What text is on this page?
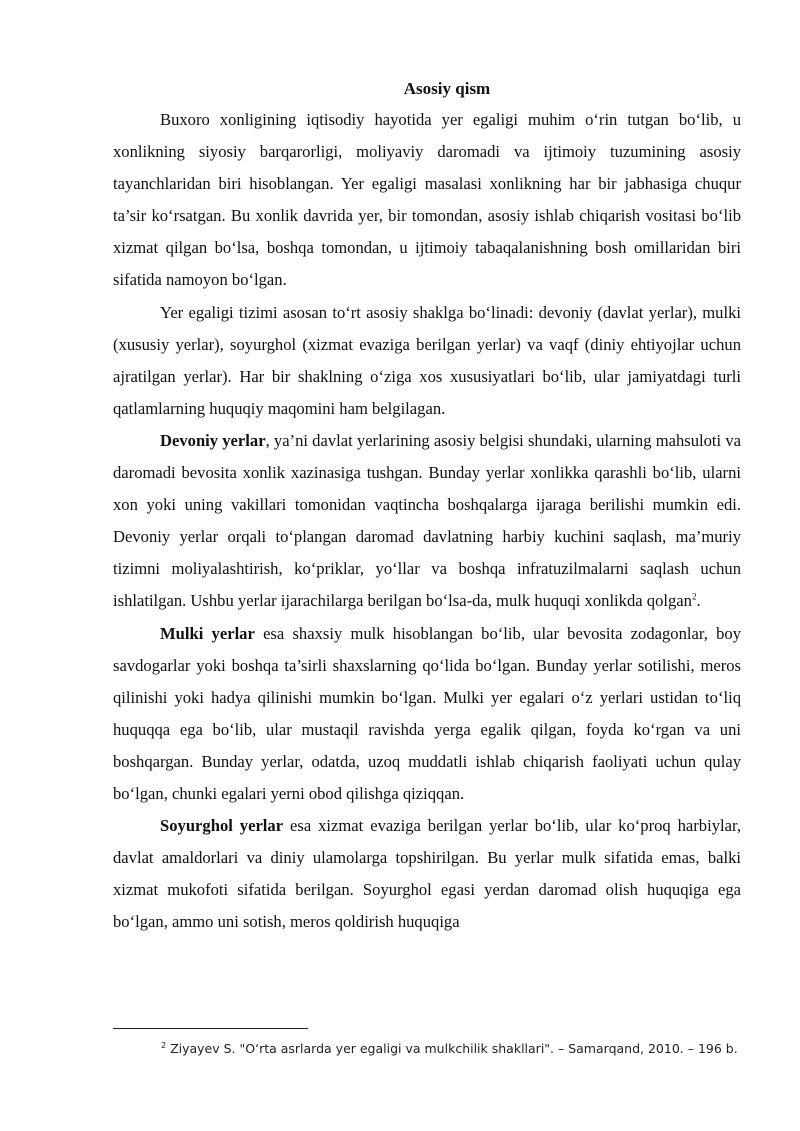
Asosiy qism

Buxoro xonligining iqtisodiy hayotida yer egaligi muhim o‘rin tutgan bo‘lib, u xonlikning siyosiy barqarorligi, moliyaviy daromadi va ijtimoiy tuzumining asosiy tayanchlaridan biri hisoblangan. Yer egaligi masalasi xonlikning har bir jabhasiga chuqur ta’sir ko‘rsatgan. Bu xonlik davrida yer, bir tomondan, asosiy ishlab chiqarish vositasi bo‘lib xizmat qilgan bo‘lsa, boshqa tomondan, u ijtimoiy tabaqalanishning bosh omillaridan biri sifatida namoyon bo‘lgan.

Yer egaligi tizimi asosan to‘rt asosiy shaklga bo‘linadi: devoniy (davlat yerlar), mulki (xususiy yerlar), soyurghol (xizmat evaziga berilgan yerlar) va vaqf (diniy ehtiyojlar uchun ajratilgan yerlar). Har bir shaklning o‘ziga xos xususiyatlari bo‘lib, ular jamiyatdagi turli qatlamlarning huquqiy maqomini ham belgilagan.

Devoniy yerlar, ya’ni davlat yerlarining asosiy belgisi shundaki, ularning mahsuloti va daromadi bevosita xonlik xazinasiga tushgan. Bunday yerlar xonlikka qarashli bo‘lib, ularni xon yoki uning vakillari tomonidan vaqtincha boshqalarga ijaraga berilishi mumkin edi. Devoniy yerlar orqali to‘plangan daromad davlatning harbiy kuchini saqlash, ma’muriy tizimni moliyalashtirish, ko‘priklar, yo‘llar va boshqa infratuzilmalarni saqlash uchun ishlatilgan. Ushbu yerlar ijarachilarga berilgan bo‘lsa-da, mulk huquqi xonlikda qolgan$^2$.

Mulki yerlar esa shaxsiy mulk hisoblangan bo‘lib, ular bevosita zodagonlar, boy savdogarlar yoki boshqa ta’sirli shaxslarning qo‘lida bo‘lgan. Bunday yerlar sotilishi, meros qilinishi yoki hadya qilinishi mumkin bo‘lgan. Mulki yer egalari o‘z yerlari ustidan to‘liq huquqqa ega bo‘lib, ular mustaqil ravishda yerga egalik qilgan, foyda ko‘rgan va uni boshqargan. Bunday yerlar, odatda, uzoq muddatli ishlab chiqarish faoliyati uchun qulay bo‘lgan, chunki egalari yerni obod qilishga qiziqqan.

Soyurghol yerlar esa xizmat evaziga berilgan yerlar bo‘lib, ular ko‘proq harbiylar, davlat amaldorlari va diniy ulamolarga topshirilgan. Bu yerlar mulk sifatida emas, balki xizmat mukofoti sifatida berilgan. Soyurghol egasi yerdan daromad olish huquqiga ega bo‘lgan, ammo uni sotish, meros qoldirish huquqiga

$^2$ Ziyayev S. "O‘rta asrlarda yer egaligi va mulkchilik shakllari". – Samarqand, 2010. – 196 b.
